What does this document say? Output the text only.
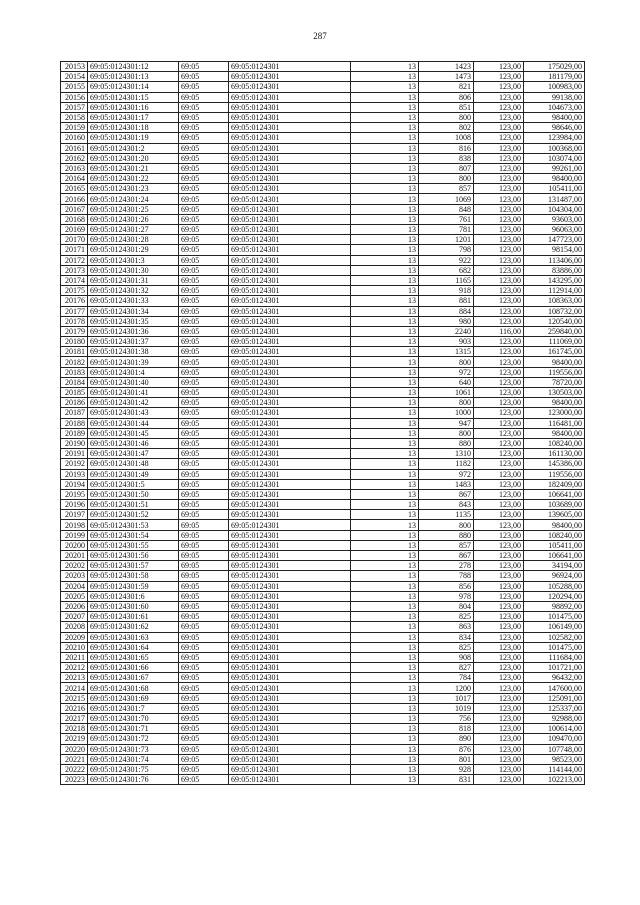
287
20153	69:05:0124301:12	69:05	69:05:0124301	13	1423	123,00	175029,00
20154	69:05:0124301:13	69:05	69:05:0124301	13	1473	123,00	181179,00
20155	69:05:0124301:14	69:05	69:05:0124301	13	821	123,00	100983,00
20156	69:05:0124301:15	69:05	69:05:0124301	13	806	123,00	99138,00
20157	69:05:0124301:16	69:05	69:05:0124301	13	851	123,00	104673,00
20158	69:05:0124301:17	69:05	69:05:0124301	13	800	123,00	98400,00
20159	69:05:0124301:18	69:05	69:05:0124301	13	802	123,00	98646,00
20160	69:05:0124301:19	69:05	69:05:0124301	13	1008	123,00	123984,00
20161	69:05:0124301:2	69:05	69:05:0124301	13	816	123,00	100368,00
20162	69:05:0124301:20	69:05	69:05:0124301	13	838	123,00	103074,00
20163	69:05:0124301:21	69:05	69:05:0124301	13	807	123,00	99261,00
20164	69:05:0124301:22	69:05	69:05:0124301	13	800	123,00	98400,00
20165	69:05:0124301:23	69:05	69:05:0124301	13	857	123,00	105411,00
20166	69:05:0124301:24	69:05	69:05:0124301	13	1069	123,00	131487,00
20167	69:05:0124301:25	69:05	69:05:0124301	13	848	123,00	104304,00
20168	69:05:0124301:26	69:05	69:05:0124301	13	761	123,00	93603,00
20169	69:05:0124301:27	69:05	69:05:0124301	13	781	123,00	96063,00
20170	69:05:0124301:28	69:05	69:05:0124301	13	1201	123,00	147723,00
20171	69:05:0124301:29	69:05	69:05:0124301	13	798	123,00	98154,00
20172	69:05:0124301:3	69:05	69:05:0124301	13	922	123,00	113406,00
20173	69:05:0124301:30	69:05	69:05:0124301	13	682	123,00	83886,00
20174	69:05:0124301:31	69:05	69:05:0124301	13	1165	123,00	143295,00
20175	69:05:0124301:32	69:05	69:05:0124301	13	918	123,00	112914,00
20176	69:05:0124301:33	69:05	69:05:0124301	13	881	123,00	108363,00
20177	69:05:0124301:34	69:05	69:05:0124301	13	884	123,00	108732,00
20178	69:05:0124301:35	69:05	69:05:0124301	13	980	123,00	120540,00
20179	69:05:0124301:36	69:05	69:05:0124301	13	2240	116,00	259840,00
20180	69:05:0124301:37	69:05	69:05:0124301	13	903	123,00	111069,00
20181	69:05:0124301:38	69:05	69:05:0124301	13	1315	123,00	161745,00
20182	69:05:0124301:39	69:05	69:05:0124301	13	800	123,00	98400,00
20183	69:05:0124301:4	69:05	69:05:0124301	13	972	123,00	119556,00
20184	69:05:0124301:40	69:05	69:05:0124301	13	640	123,00	78720,00
20185	69:05:0124301:41	69:05	69:05:0124301	13	1061	123,00	130503,00
20186	69:05:0124301:42	69:05	69:05:0124301	13	800	123,00	98400,00
20187	69:05:0124301:43	69:05	69:05:0124301	13	1000	123,00	123000,00
20188	69:05:0124301:44	69:05	69:05:0124301	13	947	123,00	116481,00
20189	69:05:0124301:45	69:05	69:05:0124301	13	800	123,00	98400,00
20190	69:05:0124301:46	69:05	69:05:0124301	13	880	123,00	108240,00
20191	69:05:0124301:47	69:05	69:05:0124301	13	1310	123,00	161130,00
20192	69:05:0124301:48	69:05	69:05:0124301	13	1182	123,00	145386,00
20193	69:05:0124301:49	69:05	69:05:0124301	13	972	123,00	119556,00
20194	69:05:0124301:5	69:05	69:05:0124301	13	1483	123,00	182409,00
20195	69:05:0124301:50	69:05	69:05:0124301	13	867	123,00	106641,00
20196	69:05:0124301:51	69:05	69:05:0124301	13	843	123,00	103689,00
20197	69:05:0124301:52	69:05	69:05:0124301	13	1135	123,00	139605,00
20198	69:05:0124301:53	69:05	69:05:0124301	13	800	123,00	98400,00
20199	69:05:0124301:54	69:05	69:05:0124301	13	880	123,00	108240,00
20200	69:05:0124301:55	69:05	69:05:0124301	13	857	123,00	105411,00
20201	69:05:0124301:56	69:05	69:05:0124301	13	867	123,00	106641,00
20202	69:05:0124301:57	69:05	69:05:0124301	13	278	123,00	34194,00
20203	69:05:0124301:58	69:05	69:05:0124301	13	788	123,00	96924,00
20204	69:05:0124301:59	69:05	69:05:0124301	13	856	123,00	105288,00
20205	69:05:0124301:6	69:05	69:05:0124301	13	978	123,00	120294,00
20206	69:05:0124301:60	69:05	69:05:0124301	13	804	123,00	98892,00
20207	69:05:0124301:61	69:05	69:05:0124301	13	825	123,00	101475,00
20208	69:05:0124301:62	69:05	69:05:0124301	13	863	123,00	106149,00
20209	69:05:0124301:63	69:05	69:05:0124301	13	834	123,00	102582,00
20210	69:05:0124301:64	69:05	69:05:0124301	13	825	123,00	101475,00
20211	69:05:0124301:65	69:05	69:05:0124301	13	908	123,00	111684,00
20212	69:05:0124301:66	69:05	69:05:0124301	13	827	123,00	101721,00
20213	69:05:0124301:67	69:05	69:05:0124301	13	784	123,00	96432,00
20214	69:05:0124301:68	69:05	69:05:0124301	13	1200	123,00	147600,00
20215	69:05:0124301:69	69:05	69:05:0124301	13	1017	123,00	125091,00
20216	69:05:0124301:7	69:05	69:05:0124301	13	1019	123,00	125337,00
20217	69:05:0124301:70	69:05	69:05:0124301	13	756	123,00	92988,00
20218	69:05:0124301:71	69:05	69:05:0124301	13	818	123,00	100614,00
20219	69:05:0124301:72	69:05	69:05:0124301	13	890	123,00	109470,00
20220	69:05:0124301:73	69:05	69:05:0124301	13	876	123,00	107748,00
20221	69:05:0124301:74	69:05	69:05:0124301	13	801	123,00	98523,00
20222	69:05:0124301:75	69:05	69:05:0124301	13	928	123,00	114144,00
20223	69:05:0124301:76	69:05	69:05:0124301	13	831	123,00	102213,00
